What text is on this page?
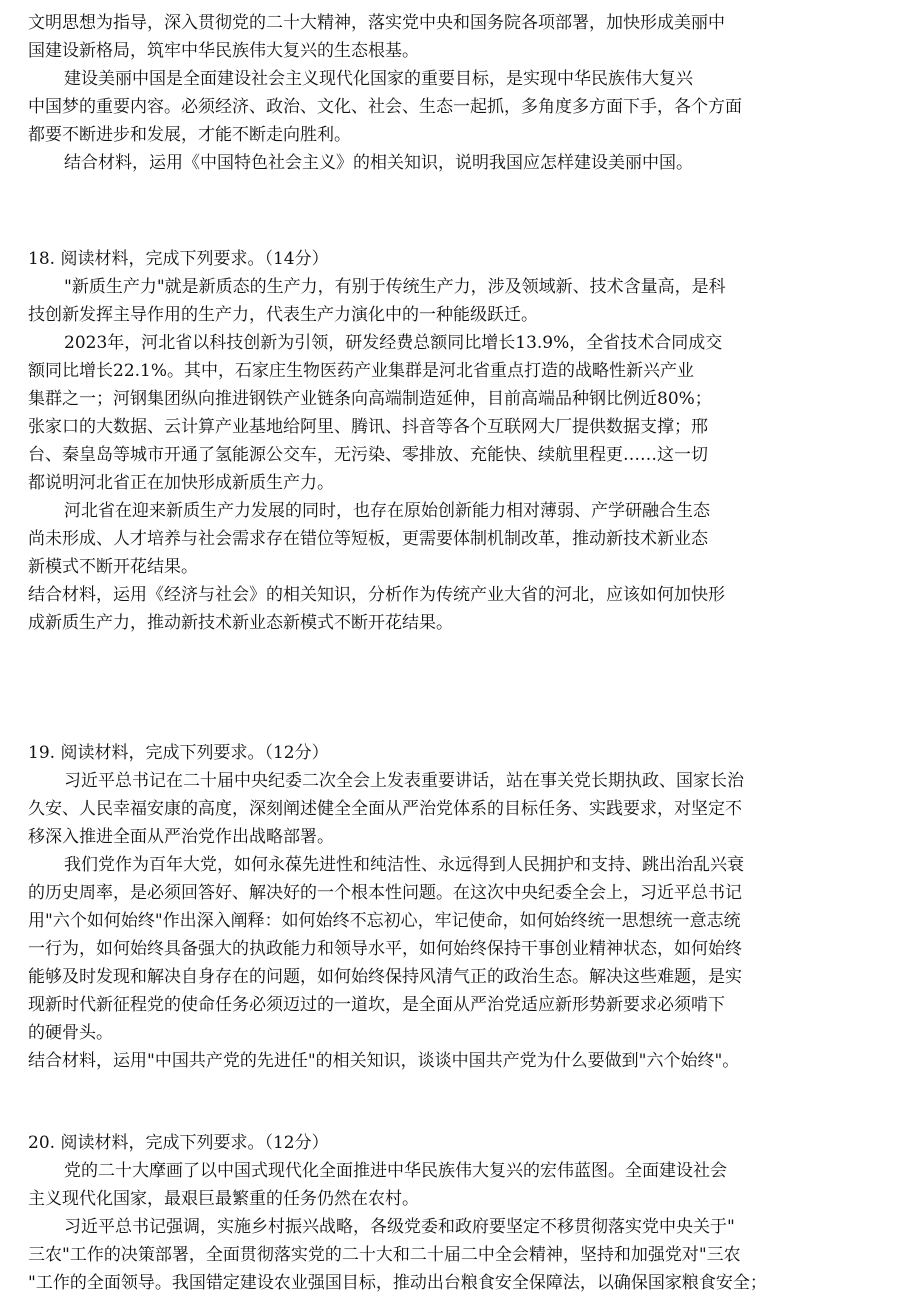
文明思想为指导，深入贯彻党的二十大精神，落实党中央和国务院各项部署，加快形成美丽中

国建设新格局，筑牢中华民族伟大复兴的生态根基。

建设美丽中国是全面建设社会主义现代化国家的重要目标，是实现中华民族伟大复兴

中国梦的重要内容。必须经济、政治、文化、社会、生态一起抓，多角度多方面下手，各个方面

都要不断进步和发展，才能不断走向胜利。

结合材料，运用《中国特色社会主义》的相关知识，说明我国应怎样建设美丽中国。

18. 阅读材料，完成下列要求。（14分）

"新质生产力"就是新质态的生产力，有别于传统生产力，涉及领域新、技术含量高，是科

技创新发挥主导作用的生产力，代表生产力演化中的一种能级跃迁。

2023年，河北省以科技创新为引领，研发经费总额同比增长13.9%，全省技术合同成交

额同比增长22.1%。其中，石家庄生物医药产业集群是河北省重点打造的战略性新兴产业

集群之一；河钢集团纵向推进钢铁产业链条向高端制造延伸，目前高端品种钢比例近80%；

张家口的大数据、云计算产业基地给阿里、腾讯、抖音等各个互联网大厂提供数据支撑；邢

台、秦皇岛等城市开通了氢能源公交车，无污染、零排放、充能快、续航里程更……这一切

都说明河北省正在加快形成新质生产力。

河北省在迎来新质生产力发展的同时，也存在原始创新能力相对薄弱、产学研融合生态

尚未形成、人才培养与社会需求存在错位等短板，更需要体制机制改革，推动新技术新业态

新模式不断开花结果。

结合材料，运用《经济与社会》的相关知识，分析作为传统产业大省的河北，应该如何加快形

成新质生产力，推动新技术新业态新模式不断开花结果。

19. 阅读材料，完成下列要求。（12分）

习近平总书记在二十届中央纪委二次全会上发表重要讲话，站在事关党长期执政、国家长治

久安、人民幸福安康的高度，深刻阐述健全全面从严治党体系的目标任务、实践要求，对坚定不

移深入推进全面从严治党作出战略部署。

我们党作为百年大党，如何永葆先进性和纯洁性、永远得到人民拥护和支持、跳出治乱兴衰

的历史周率，是必须回答好、解决好的一个根本性问题。在这次中央纪委全会上，习近平总书记

用"六个如何始终"作出深入阐释：如何始终不忘初心，牢记使命，如何始终统一思想统一意志统

一行为，如何始终具备强大的执政能力和领导水平，如何始终保持干事创业精神状态，如何始终

能够及时发现和解决自身存在的问题，如何始终保持风清气正的政治生态。解决这些难题，是实

现新时代新征程党的使命任务必须迈过的一道坎，是全面从严治党适应新形势新要求必须啃下

的硬骨头。

结合材料，运用"中国共产党的先进任"的相关知识，谈谈中国共产党为什么要做到"六个始终"。

20. 阅读材料，完成下列要求。（12分）

党的二十大摩画了以中国式现代化全面推进中华民族伟大复兴的宏伟蓝图。全面建设社会

主义现代化国家，最艰巨最繁重的任务仍然在农村。

习近平总书记强调，实施乡村振兴战略，各级党委和政府要坚定不移贯彻落实党中央关于"

三农"工作的决策部署，全面贯彻落实党的二十大和二十届二中全会精神，坚持和加强党对"三农

"工作的全面领导。我国错定建设农业强国目标，推动出台粮食安全保障法，以确保国家粮食安全；
